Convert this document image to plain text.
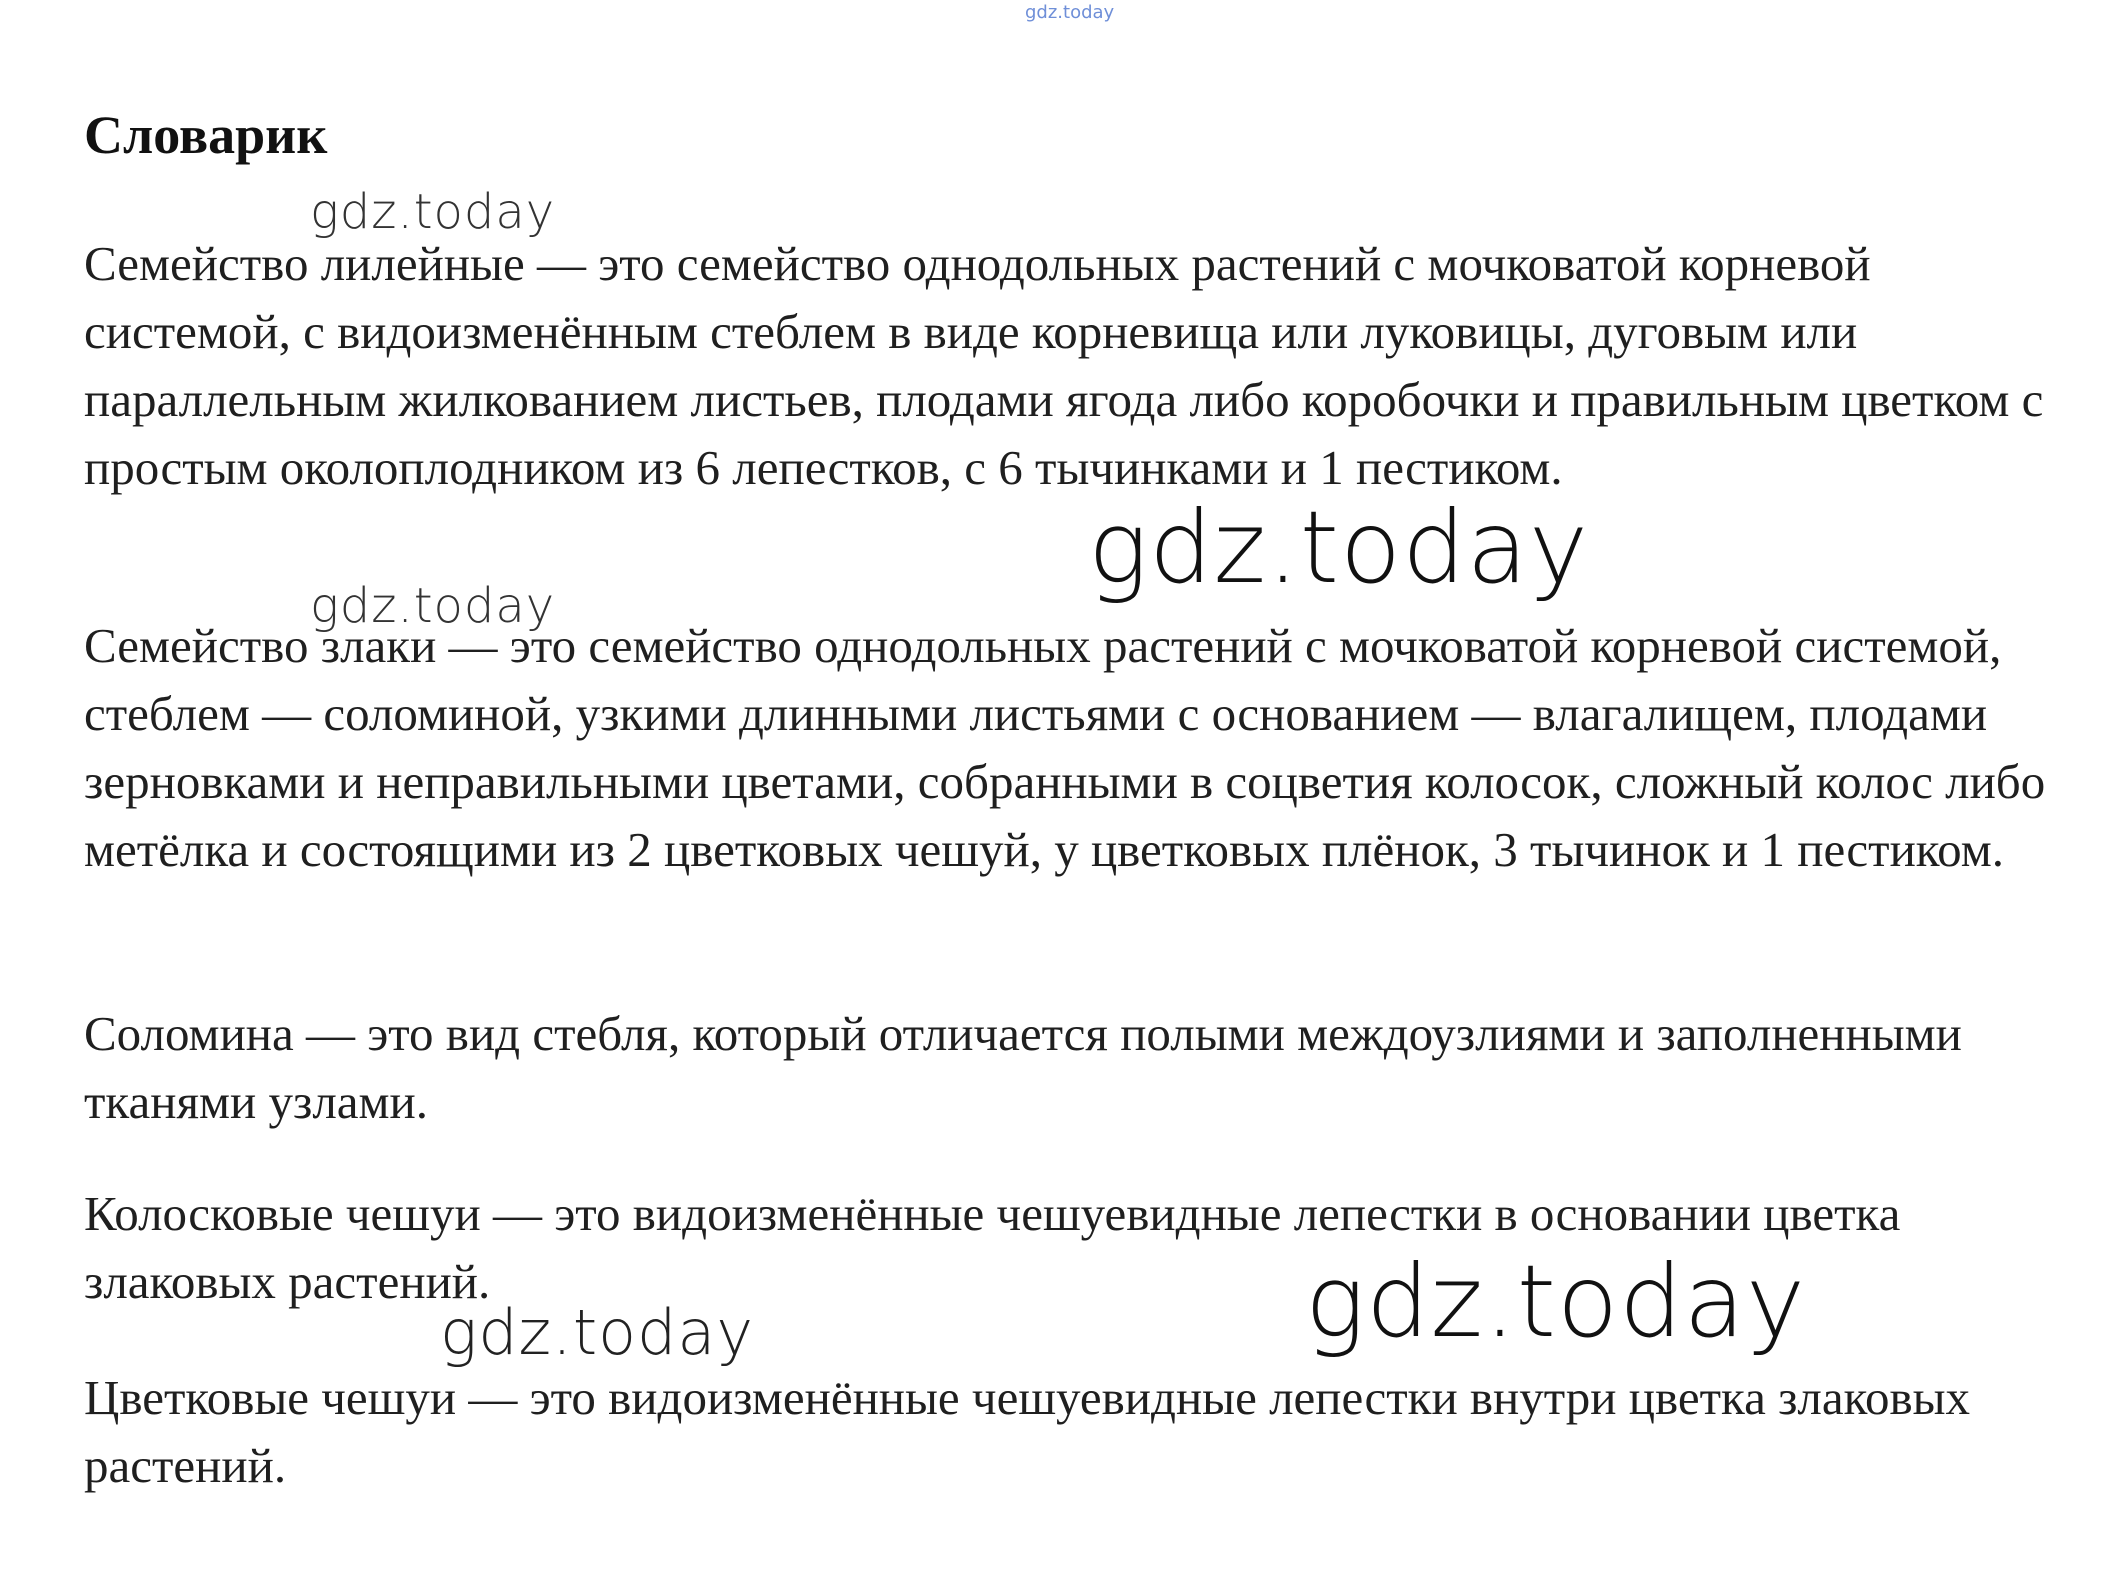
gdz.today
Словарик

Семейство лилейные — это семейство однодольных растений с мочковатой корневой системой, с видоизменённым стеблем в виде корневища или луковицы, дуговым или параллельным жилкованием листьев, плодами ягода либо коробочки и правильным цветком с простым околоплодником из 6 лепестков, с 6 тычинками и 1 пестиком.

Семейство злаки — это семейство однодольных растений с мочковатой корневой системой, стеблем — соломиной, узкими длинными листьями с основанием — влагалищем, плодами зерновками и неправильными цветами, собранными в соцветия колосок, сложный колос либо метёлка и состоящими из 2 цветковых чешуй, у цветковых плёнок, 3 тычинок и 1 пестиком.

Соломина — это вид стебля, который отличается полыми междоузлиями и заполненными тканями узлами.

Колосковые чешуи — это видоизменённые чешуевидные лепестки в основании цветка злаковых растений.

Цветковые чешуи — это видоизменённые чешуевидные лепестки внутри цветка злаковых растений.

gdz.today
gdz.today
gdz.today
gdz.today
gdz.today
